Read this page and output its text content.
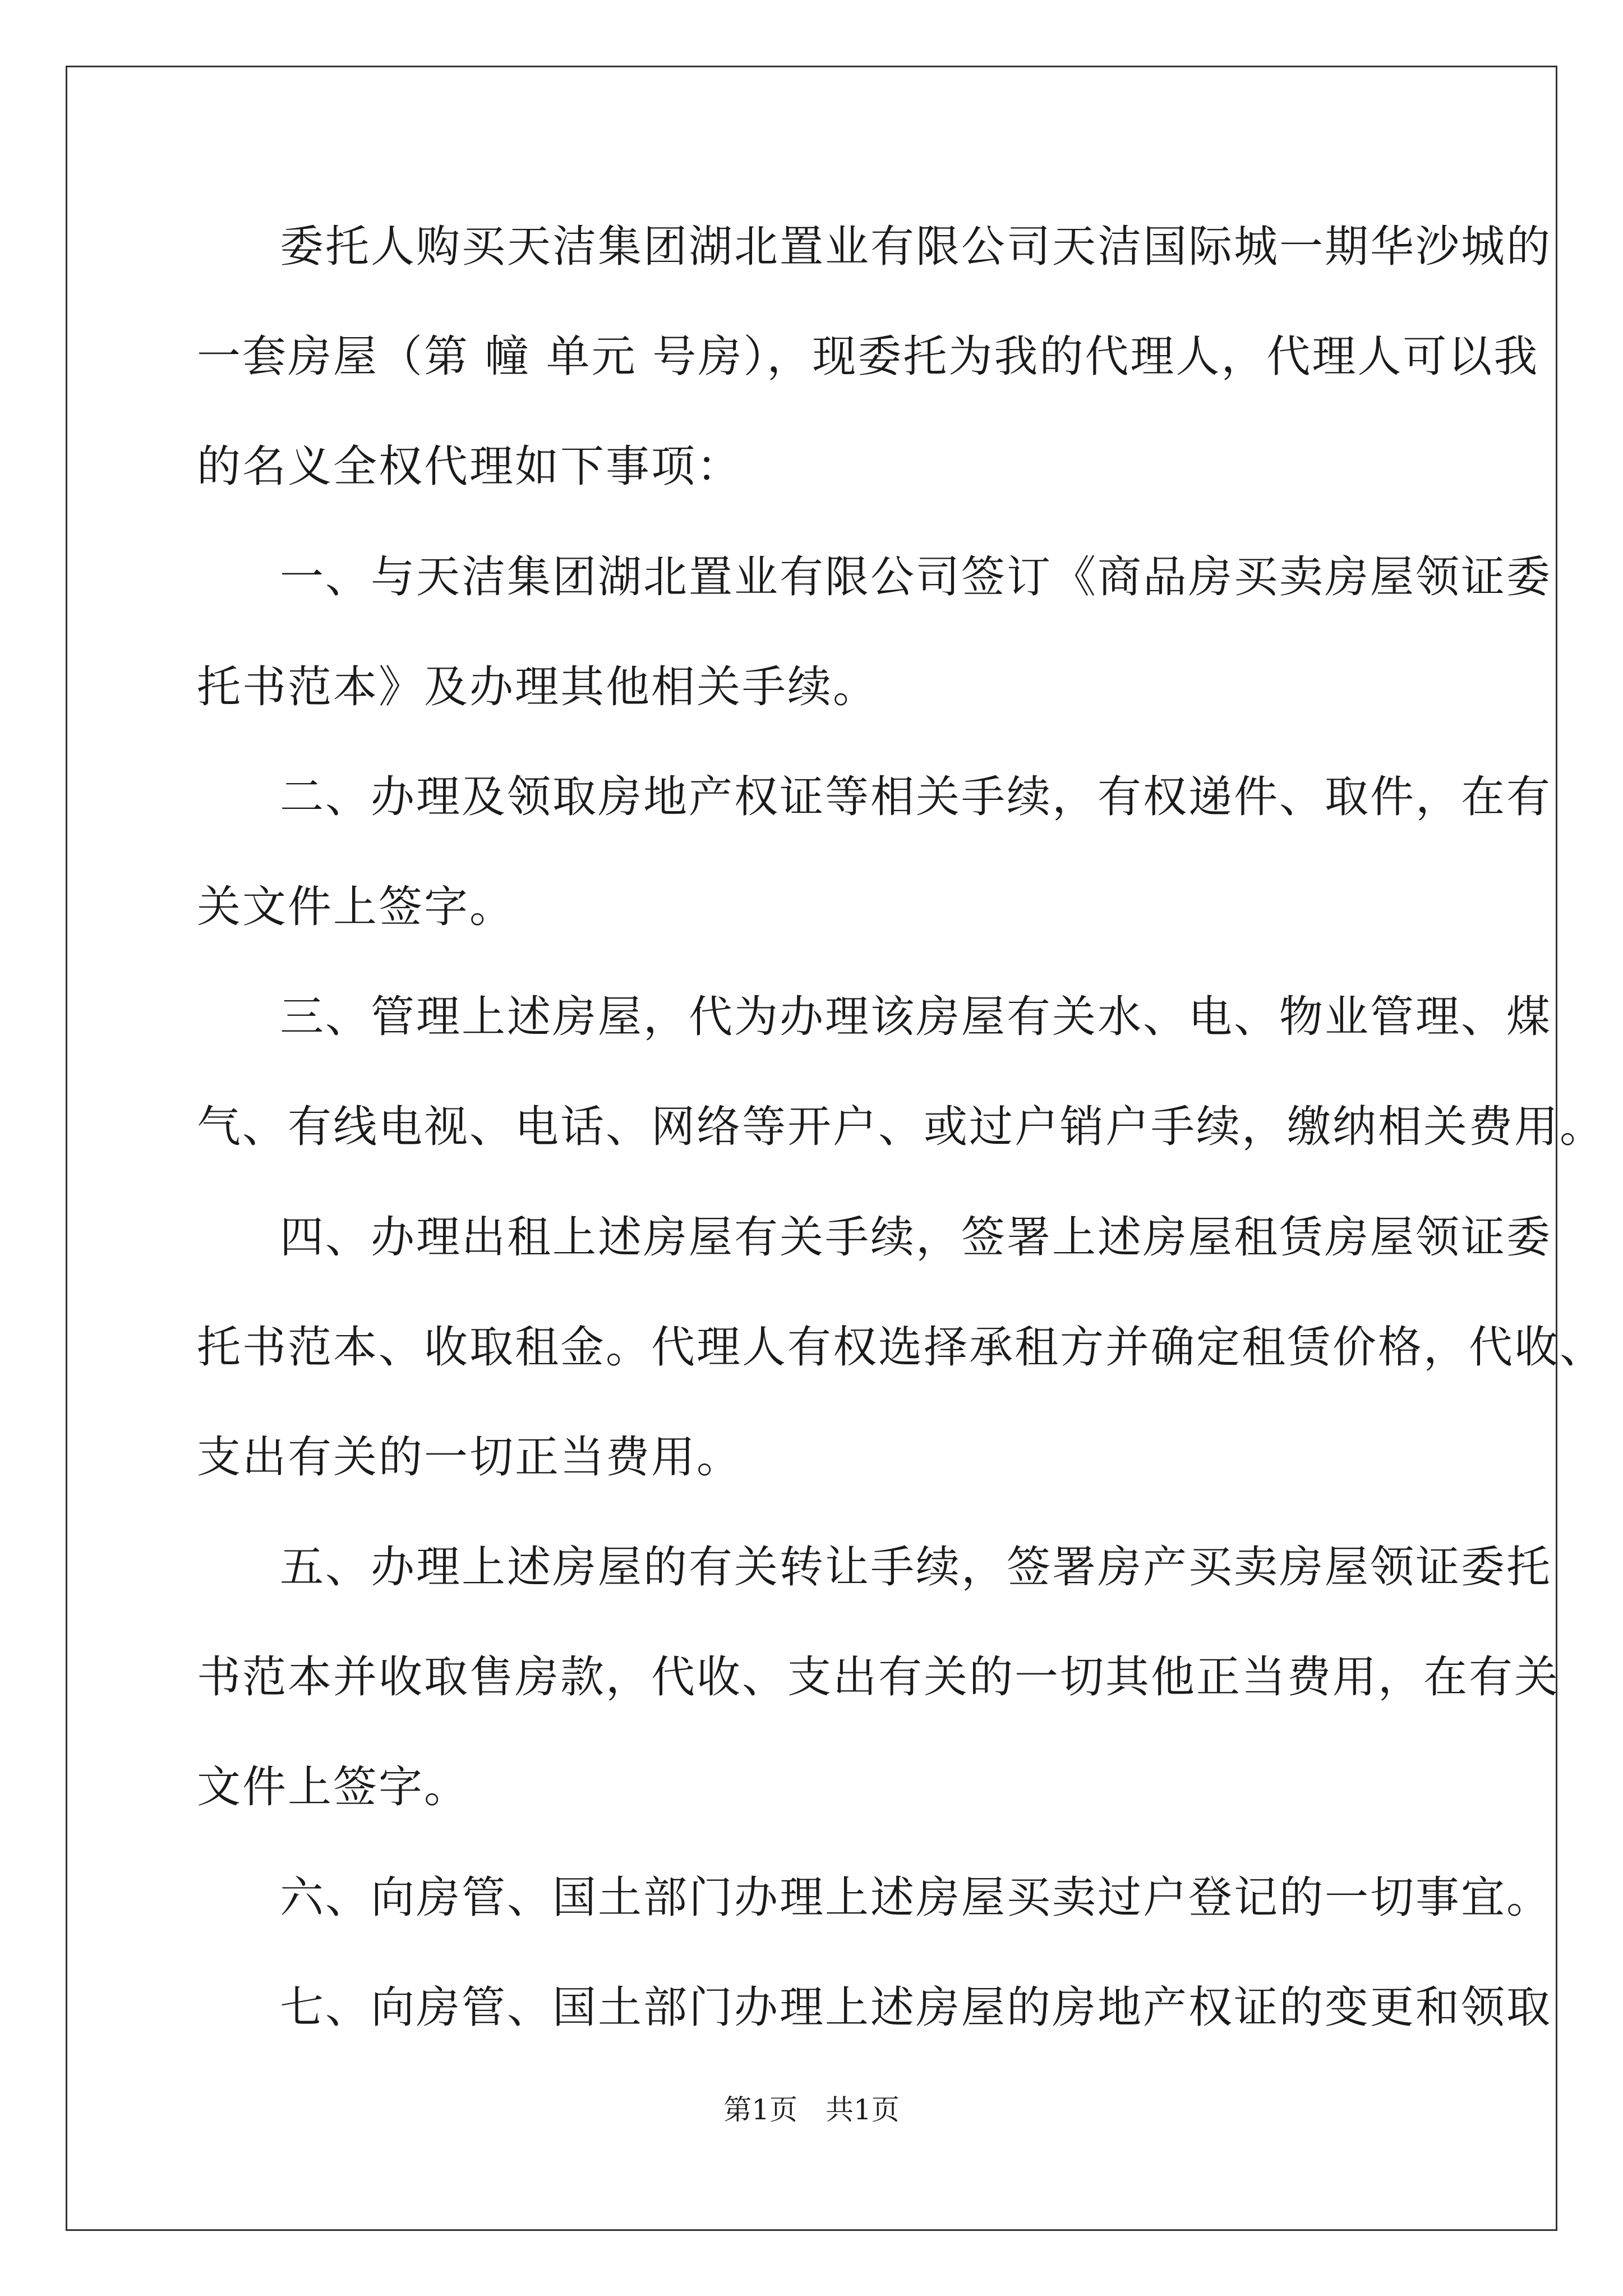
委托人购买天洁集团湖北置业有限公司天洁国际城一期华沙城的
一套房屋（第 幢 单元 号房），现委托为我的代理人，代理人可以我
的名义全权代理如下事项：
一、与天洁集团湖北置业有限公司签订《商品房买卖房屋领证委
托书范本》及办理其他相关手续。
二、办理及领取房地产权证等相关手续，有权递件、取件，在有
关文件上签字。
三、管理上述房屋，代为办理该房屋有关水、电、物业管理、煤
气、有线电视、电话、网络等开户、或过户销户手续，缴纳相关费用。
四、办理出租上述房屋有关手续，签署上述房屋租赁房屋领证委
托书范本、收取租金。代理人有权选择承租方并确定租赁价格，代收、
支出有关的一切正当费用。
五、办理上述房屋的有关转让手续，签署房产买卖房屋领证委托
书范本并收取售房款，代收、支出有关的一切其他正当费用，在有关
文件上签字。
六、向房管、国土部门办理上述房屋买卖过户登记的一切事宜。
七、向房管、国土部门办理上述房屋的房地产权证的变更和领取
第1页 共1页
